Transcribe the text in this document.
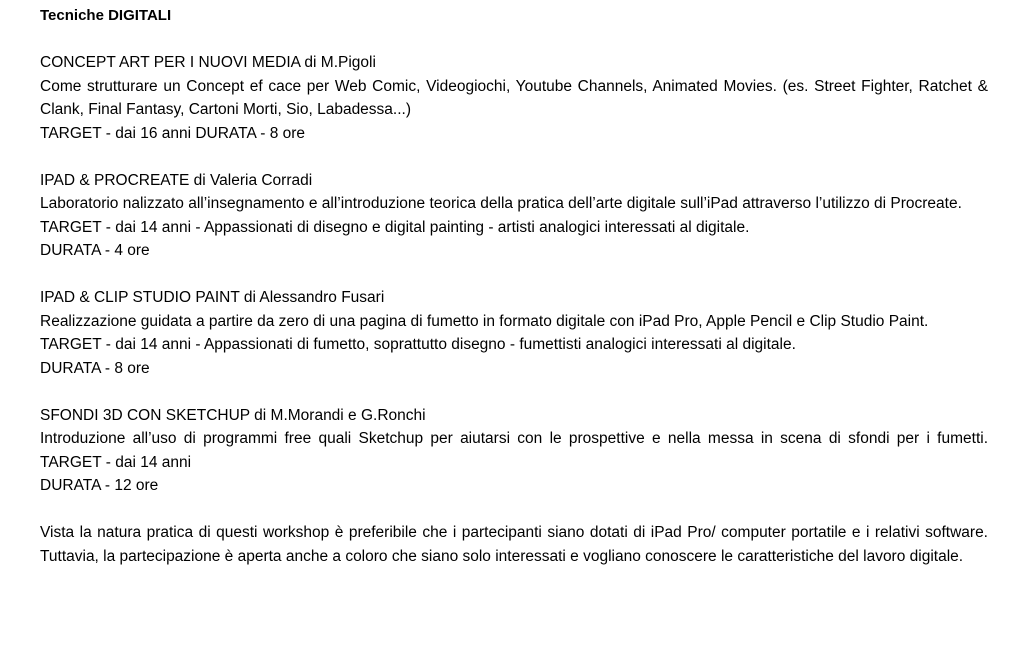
Tecniche DIGITALI
CONCEPT ART PER I NUOVI MEDIA di M.Pigoli
Come strutturare un Concept ef cace per Web Comic, Videogiochi, Youtube Channels, Animated Movies. (es. Street Fighter, Ratchet & Clank, Final Fantasy, Cartoni Morti, Sio, Labadessa...)
TARGET - dai 16 anni DURATA - 8 ore
IPAD & PROCREATE di Valeria Corradi
Laboratorio nalizzato all’insegnamento e all’introduzione teorica della pratica dell’arte digitale sull’iPad attraverso l’utilizzo di Procreate.
TARGET - dai 14 anni - Appassionati di disegno e digital painting - artisti analogici interessati al digitale.
DURATA - 4 ore
IPAD & CLIP STUDIO PAINT di Alessandro Fusari
Realizzazione guidata a partire da zero di una pagina di fumetto in formato digitale con iPad Pro, Apple Pencil e Clip Studio Paint.
TARGET - dai 14 anni - Appassionati di fumetto, soprattutto disegno - fumettisti analogici interessati al digitale.
DURATA - 8 ore
SFONDI 3D CON SKETCHUP di M.Morandi e G.Ronchi
Introduzione all’uso di programmi free quali Sketchup per aiutarsi con le prospettive e nella messa in scena di sfondi per i fumetti. TARGET - dai 14 anni
DURATA - 12 ore
Vista la natura pratica di questi workshop è preferibile che i partecipanti siano dotati di iPad Pro/ computer portatile e i relativi software. Tuttavia, la partecipazione è aperta anche a coloro che siano solo interessati e vogliano conoscere le caratteristiche del lavoro digitale.
